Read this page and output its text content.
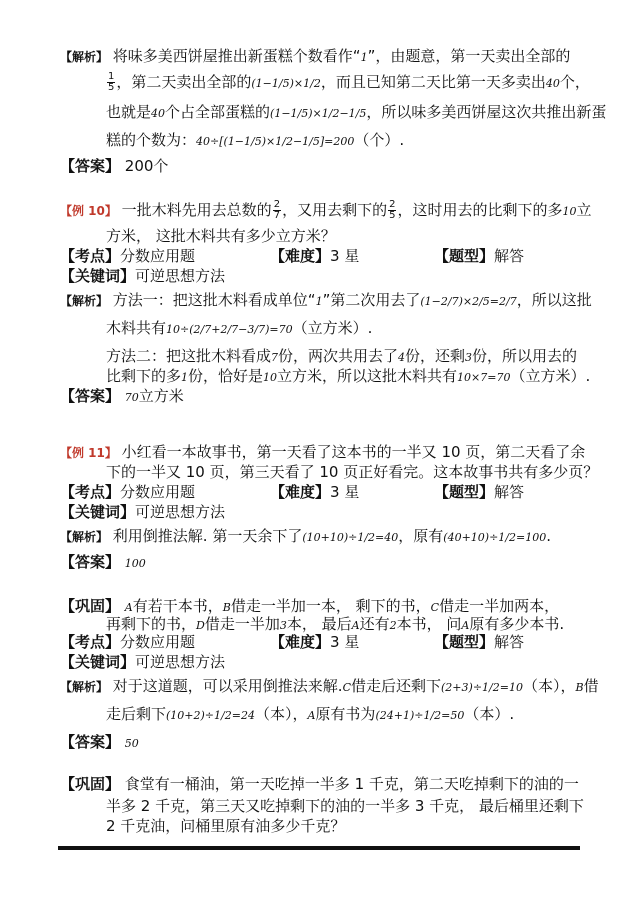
【解析】 将味多美西饼屋推出新蛋糕个数看作“1”，由题意，第一天卖出全部的
$\frac{1}{5}$ ，第二天卖出全部的(1−1/5)×1/2，而且已知第二天比第一天多卖出40个，
也就是40个占全部蛋糕的(1−1/5)×1/2−1/5，所以味多美西饼屋这次共推出新蛋
糕的个数为：40÷[(1−1/5)×1/2−1/5]=200（个）.
【答案】 200个
【例 10】 一批木料先用去总数的 $\frac{2}{7}$ ，又用去剩下的 $\frac{2}{5}$ ，这时用去的比剩下的多10立
方米， 这批木料共有多少立方米？
【考点】分数应用题	【难度】3 星	【题型】解答
【关键词】可逆思想方法
【解析】 方法一：把这批木料看成单位“1”第二次用去了(1−2/7)×2/5=2/7，所以这批
木料共有10÷(2/7+2/7−3/7)=70（立方米）.
方法二：把这批木料看成7份，两次共用去了4份，还剩3份，所以用去的
比剩下的多1份，恰好是10立方米，所以这批木料共有10×7=70（立方米）.
【答案】 70立方米
【例 11】 小红看一本故事书，第一天看了这本书的一半又 10 页，第二天看了余
下的一半又 10 页，第三天看了 10 页正好看完。这本故事书共有多少页？
【考点】分数应用题	【难度】3 星	【题型】解答
【关键词】可逆思想方法
【解析】 利用倒推法解. 第一天余下了(10+10)÷1/2=40，原有(40+10)÷1/2=100.
【答案】 100
【巩固】 A有若干本书，B借走一半加一本， 剩下的书，C借走一半加两本，
再剩下的书，D借走一半加3本， 最后A还有2本书， 问A原有多少本书.
【考点】分数应用题	【难度】3 星	【题型】解答
【关键词】可逆思想方法
【解析】 对于这道题，可以采用倒推法来解.C借走后还剩下(2+3)÷1/2=10（本），B借
走后剩下(10+2)÷1/2=24（本），A原有书为(24+1)÷1/2=50（本）.
【答案】 50
【巩固】 食堂有一桶油，第一天吃掉一半多 1 千克，第二天吃掉剩下的油的一
半多 2 千克，第三天又吃掉剩下的油的一半多 3 千克， 最后桶里还剩下
2 千克油，问桶里原有油多少千克？
